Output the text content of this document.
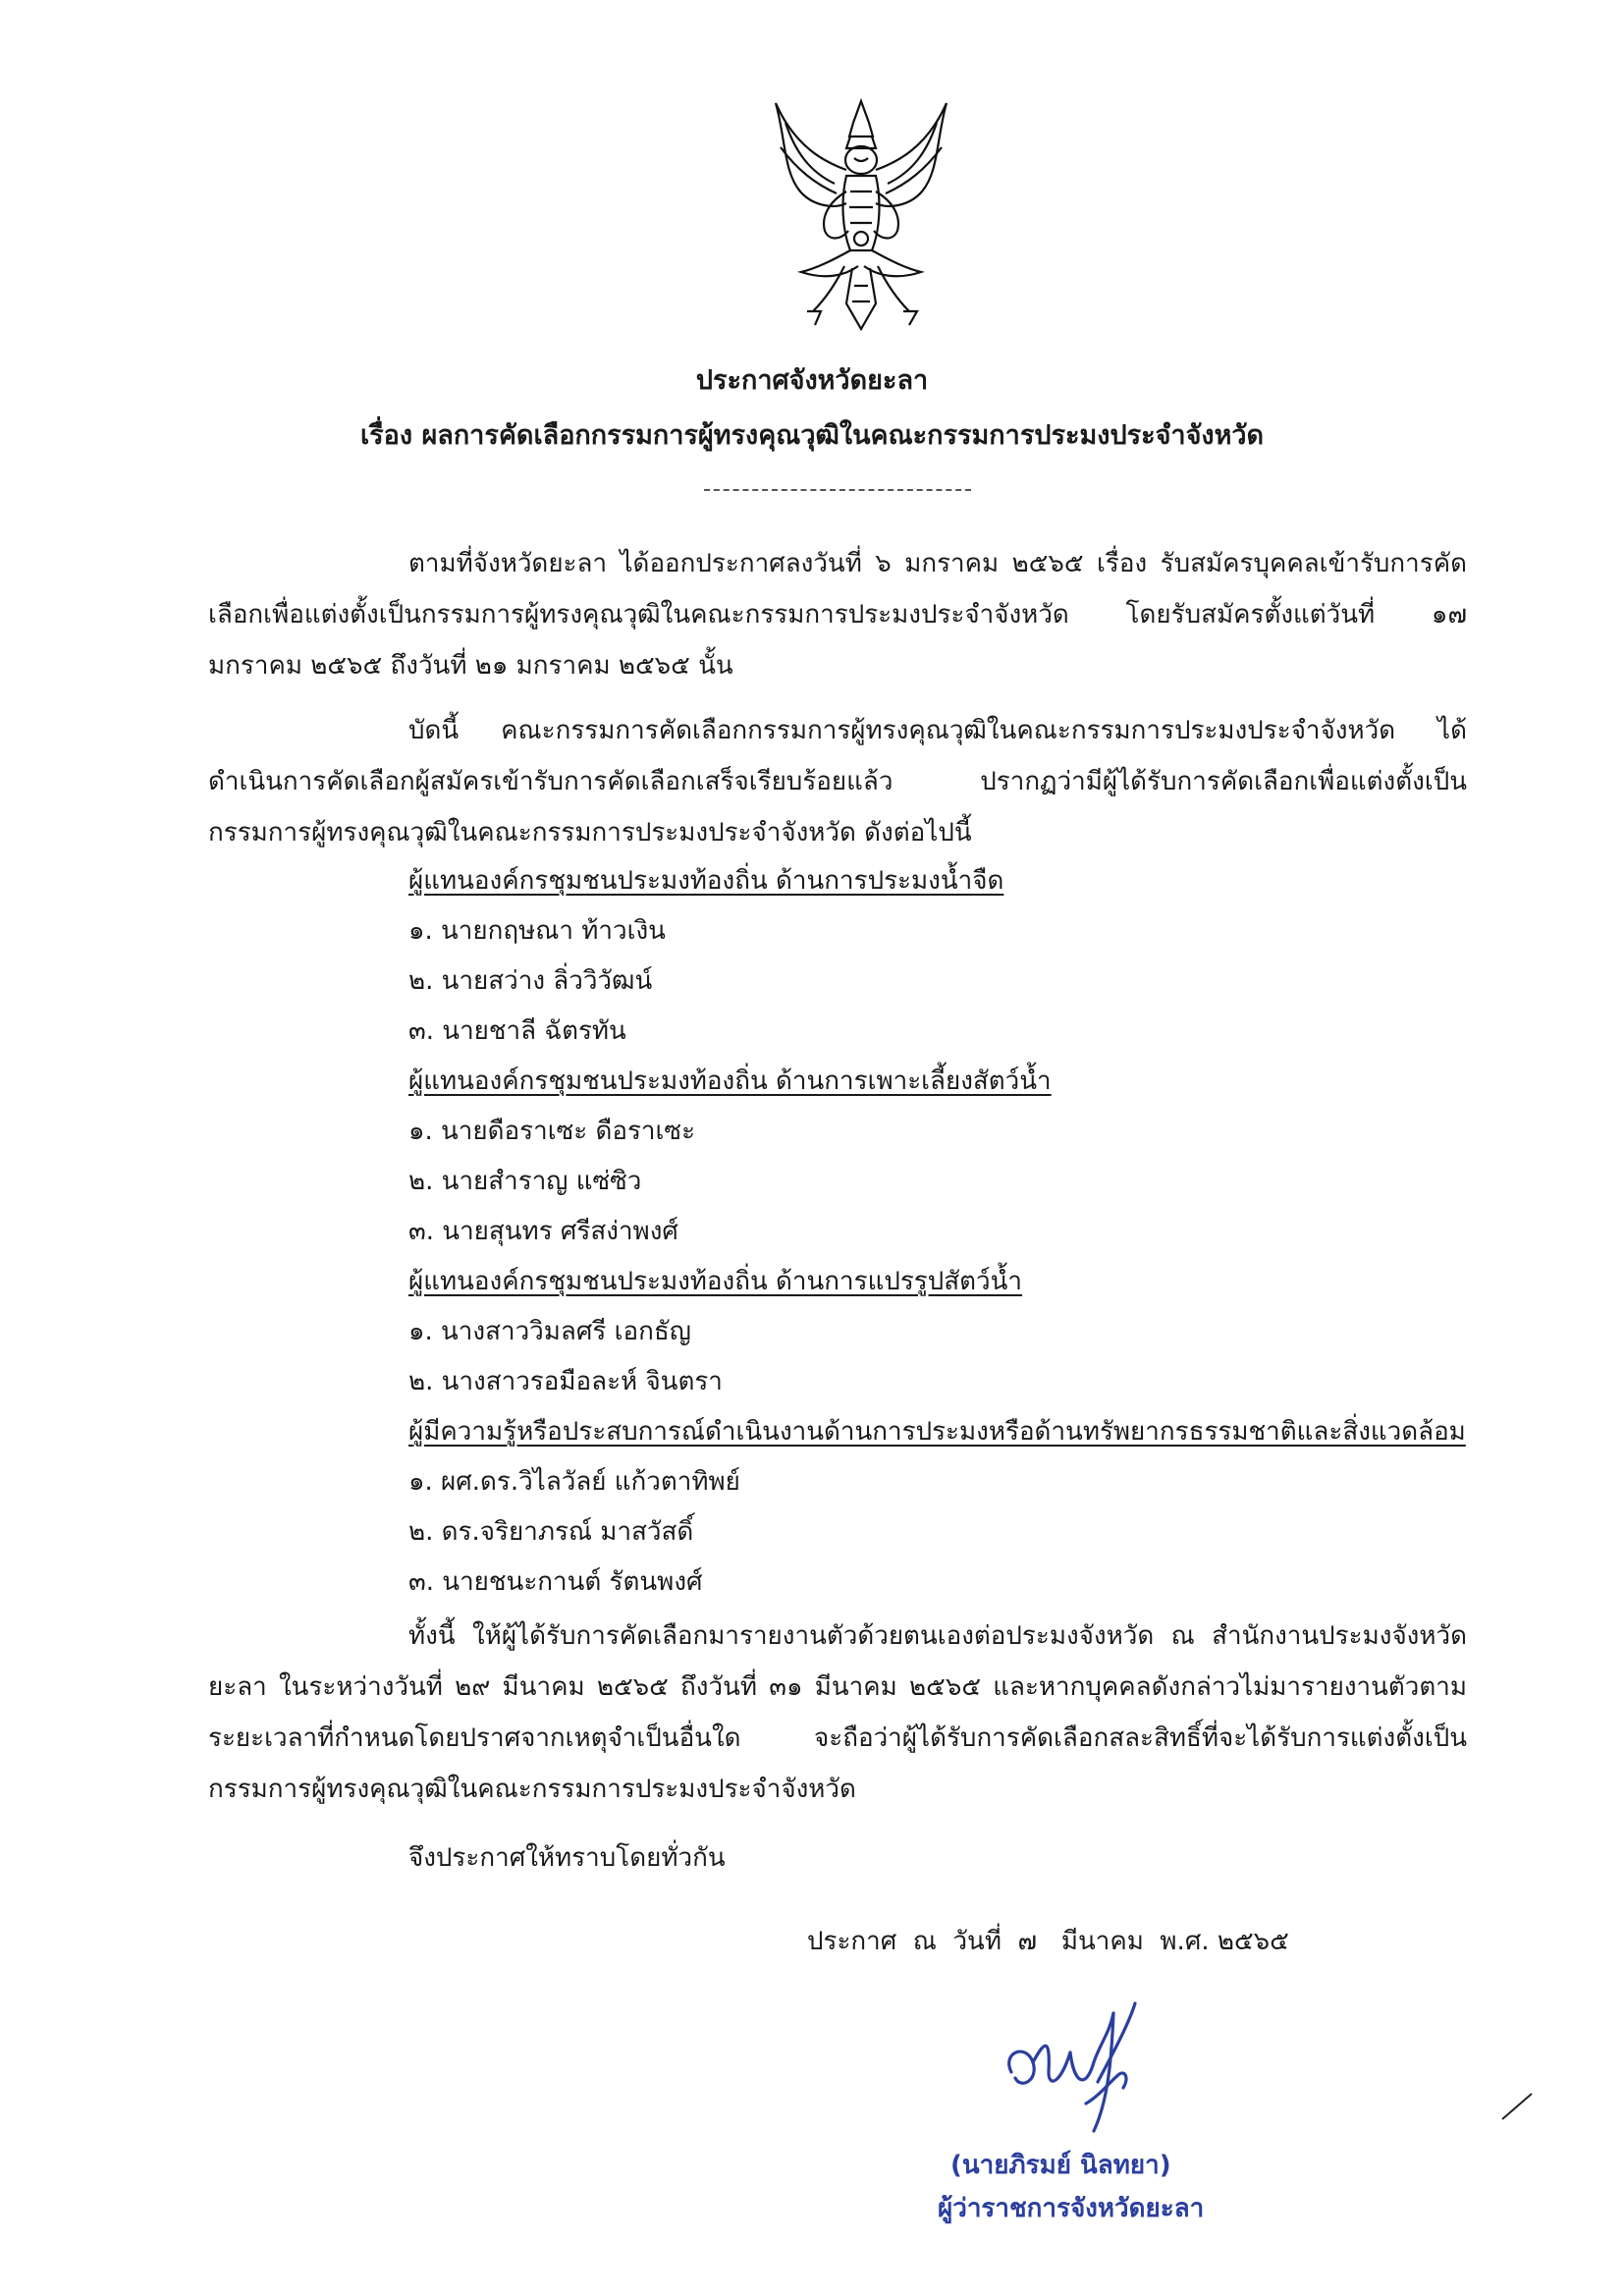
ประกาศจังหวัดยะลา
เรื่อง ผลการคัดเลือกกรรมการผู้ทรงคุณวุฒิในคณะกรรมการประมงประจำจังหวัด

ตามที่จังหวัดยะลา ได้ออกประกาศลงวันที่ ๖ มกราคม ๒๕๖๕ เรื่อง รับสมัครบุคคลเข้ารับการคัดเลือกเพื่อแต่งตั้งเป็นกรรมการผู้ทรงคุณวุฒิในคณะกรรมการประมงประจำจังหวัด โดยรับสมัครตั้งแต่วันที่ ๑๗ มกราคม ๒๕๖๕ ถึงวันที่ ๒๑ มกราคม ๒๕๖๕ นั้น

บัดนี้ คณะกรรมการคัดเลือกกรรมการผู้ทรงคุณวุฒิในคณะกรรมการประมงประจำจังหวัด ได้ดำเนินการคัดเลือกผู้สมัครเข้ารับการคัดเลือกเสร็จเรียบร้อยแล้ว ปรากฏว่ามีผู้ได้รับการคัดเลือกเพื่อแต่งตั้งเป็นกรรมการผู้ทรงคุณวุฒิในคณะกรรมการประมงประจำจังหวัด ดังต่อไปนี้

ผู้แทนองค์กรชุมชนประมงท้องถิ่น ด้านการประมงน้ำจืด
๑. นายกฤษณา ท้าวเงิน
๒. นายสว่าง ลิ่ววิวัฒน์
๓. นายชาลี ฉัตรทัน
ผู้แทนองค์กรชุมชนประมงท้องถิ่น ด้านการเพาะเลี้ยงสัตว์น้ำ
๑. นายดือราเซะ ดือราเซะ
๒. นายสำราญ แซ่ซิว
๓. นายสุนทร ศรีสง่าพงศ์
ผู้แทนองค์กรชุมชนประมงท้องถิ่น ด้านการแปรรูปสัตว์น้ำ
๑. นางสาววิมลศรี เอกธัญ
๒. นางสาวรอมือละห์ จินตรา
ผู้มีความรู้หรือประสบการณ์ดำเนินงานด้านการประมงหรือด้านทรัพยากรธรรมชาติและสิ่งแวดล้อม
๑. ผศ.ดร.วิไลวัลย์ แก้วตาทิพย์
๒. ดร.จริยาภรณ์ มาสวัสดิ์
๓. นายชนะกานต์ รัตนพงศ์

ทั้งนี้ ให้ผู้ได้รับการคัดเลือกมารายงานตัวด้วยตนเองต่อประมงจังหวัด ณ สำนักงานประมงจังหวัดยะลา ในระหว่างวันที่ ๒๙ มีนาคม ๒๕๖๕ ถึงวันที่ ๓๑ มีนาคม ๒๕๖๕ และหากบุคคลดังกล่าวไม่มารายงานตัวตามระยะเวลาที่กำหนดโดยปราศจากเหตุจำเป็นอื่นใด จะถือว่าผู้ได้รับการคัดเลือกสละสิทธิ์ที่จะได้รับการแต่งตั้งเป็นกรรมการผู้ทรงคุณวุฒิในคณะกรรมการประมงประจำจังหวัด

จึงประกาศให้ทราบโดยทั่วกัน

ประกาศ  ณ  วันที่  ๗   มีนาคม  พ.ศ. ๒๕๖๕
(นายภิรมย์ นิลทยา)
ผู้ว่าราชการจังหวัดยะลา
